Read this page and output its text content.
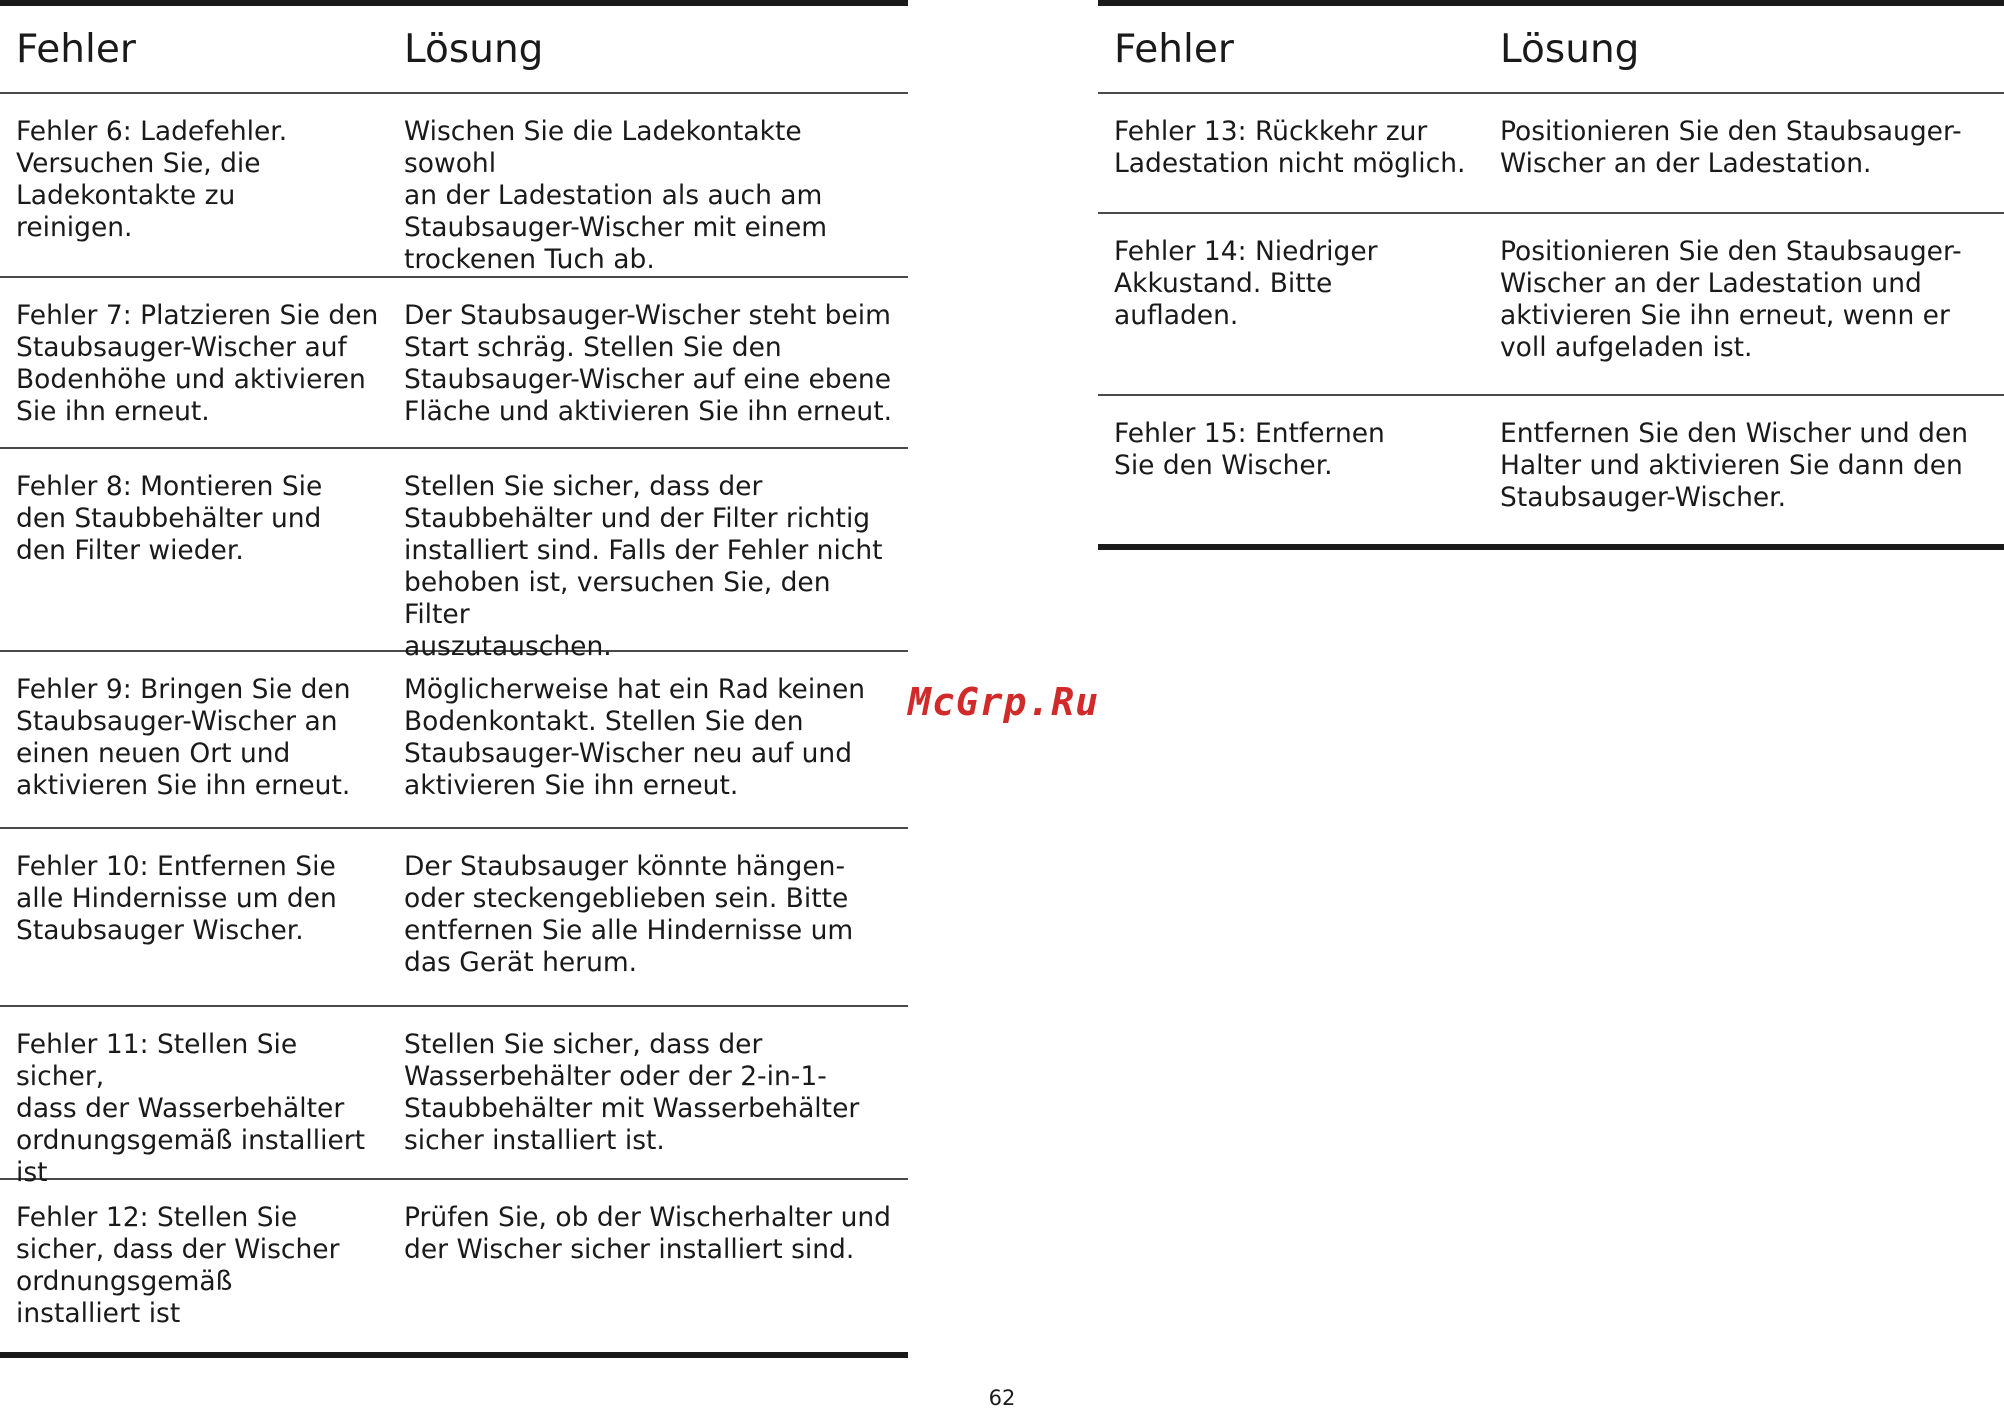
Fehler	Lösung
Fehler 6: Ladefehler.
Versuchen Sie, die
Ladekontakte zu
reinigen.
Wischen Sie die Ladekontakte sowohl
an der Ladestation als auch am
Staubsauger-Wischer mit einem
trockenen Tuch ab.
Fehler 7: Platzieren Sie den
Staubsauger-Wischer auf
Bodenhöhe und aktivieren
Sie ihn erneut.
Der Staubsauger-Wischer steht beim
Start schräg. Stellen Sie den
Staubsauger-Wischer auf eine ebene
Fläche und aktivieren Sie ihn erneut.
Fehler 8: Montieren Sie
den Staubbehälter und
den Filter wieder.
Stellen Sie sicher, dass der
Staubbehälter und der Filter richtig
installiert sind. Falls der Fehler nicht
behoben ist, versuchen Sie, den Filter
auszutauschen.
Fehler 9: Bringen Sie den
Staubsauger-Wischer an
einen neuen Ort und
aktivieren Sie ihn erneut.
Möglicherweise hat ein Rad keinen
Bodenkontakt. Stellen Sie den
Staubsauger-Wischer neu auf und
aktivieren Sie ihn erneut.
Fehler 10: Entfernen Sie
alle Hindernisse um den
Staubsauger Wischer.
Der Staubsauger könnte hängen-
oder steckengeblieben sein. Bitte
entfernen Sie alle Hindernisse um
das Gerät herum.
Fehler 11: Stellen Sie sicher,
dass der Wasserbehälter
ordnungsgemäß installiert
ist
Stellen Sie sicher, dass der
Wasserbehälter oder der 2-in-1-
Staubbehälter mit Wasserbehälter
sicher installiert ist.
Fehler 12: Stellen Sie
sicher, dass der Wischer
ordnungsgemäß
installiert ist
Prüfen Sie, ob der Wischerhalter und
der Wischer sicher installiert sind.
Fehler	Lösung
Fehler 13: Rückkehr zur
Ladestation nicht möglich.
Positionieren Sie den Staubsauger-
Wischer an der Ladestation.
Fehler 14: Niedriger
Akkustand. Bitte
aufladen.
Positionieren Sie den Staubsauger-
Wischer an der Ladestation und
aktivieren Sie ihn erneut, wenn er
voll aufgeladen ist.
Fehler 15: Entfernen
Sie den Wischer.
Entfernen Sie den Wischer und den
Halter und aktivieren Sie dann den
Staubsauger-Wischer.
McGrp.Ru
62
